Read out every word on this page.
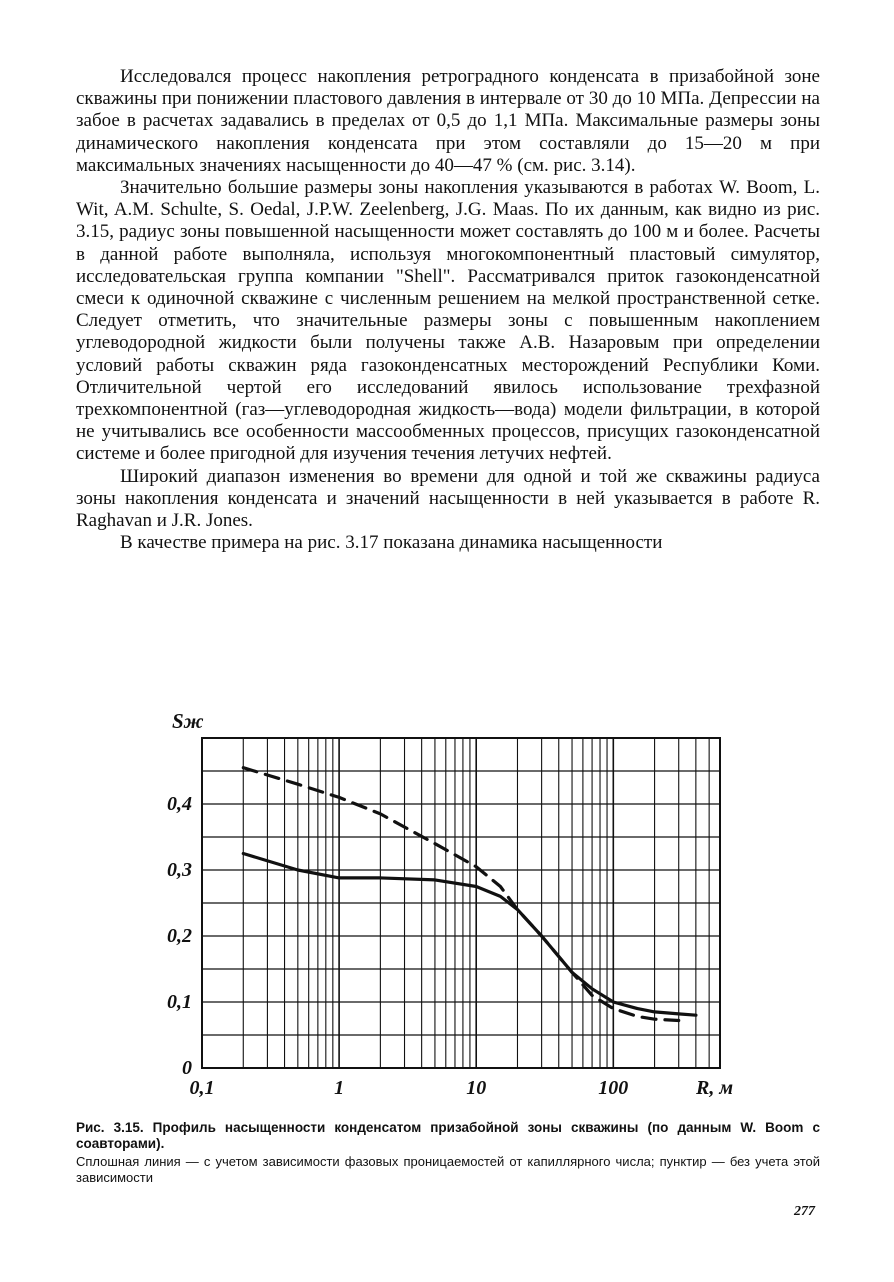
Исследовался процесс накопления ретроградного конденсата в призабойной зоне скважины при понижении пластового давления в интервале от 30 до 10 МПа. Депрессии на забое в расчетах задавались в пределах от 0,5 до 1,1 МПа. Максимальные размеры зоны динамического накопления конденсата при этом составляли до 15—20 м при максимальных значениях насыщенности до 40—47 % (см. рис. 3.14).

Значительно большие размеры зоны накопления указываются в работах W. Boom, L. Wit, A.M. Schulte, S. Oedal, J.P.W. Zeelenberg, J.G. Maas. По их данным, как видно из рис. 3.15, радиус зоны повышенной насыщенности может составлять до 100 м и более. Расчеты в данной работе выполняла, используя многокомпонентный пластовый симулятор, исследовательская группа компании "Shell". Рассматривался приток газоконденсатной смеси к одиночной скважине с численным решением на мелкой пространственной сетке. Следует отметить, что значительные размеры зоны с повышенным накоплением углеводородной жидкости были получены также А.В. Назаровым при определении условий работы скважин ряда газоконденсатных месторождений Республики Коми. Отличительной чертой его исследований явилось использование трехфазной трехкомпонентной (газ—углеводородная жидкость—вода) модели фильтрации, в которой не учитывались все особенности массообменных процессов, присущих газоконденсатной системе и более пригодной для изучения течения летучих нефтей.

Широкий диапазон изменения во времени для одной и той же скважины радиуса зоны накопления конденсата и значений насыщенности в ней указывается в работе R. Raghavan и J.R. Jones.

В качестве примера на рис. 3.17 показана динамика насыщенности

0
0,1
0,2
0,3
0,4
0,1	1	10	100
Sж
R, м

Рис. 3.15. Профиль насыщенности конденсатом призабойной зоны скважины (по данным W. Boom с соавторами).

Сплошная линия — с учетом зависимости фазовых проницаемостей от капиллярного числа; пунктир — без учета этой зависимости

277
